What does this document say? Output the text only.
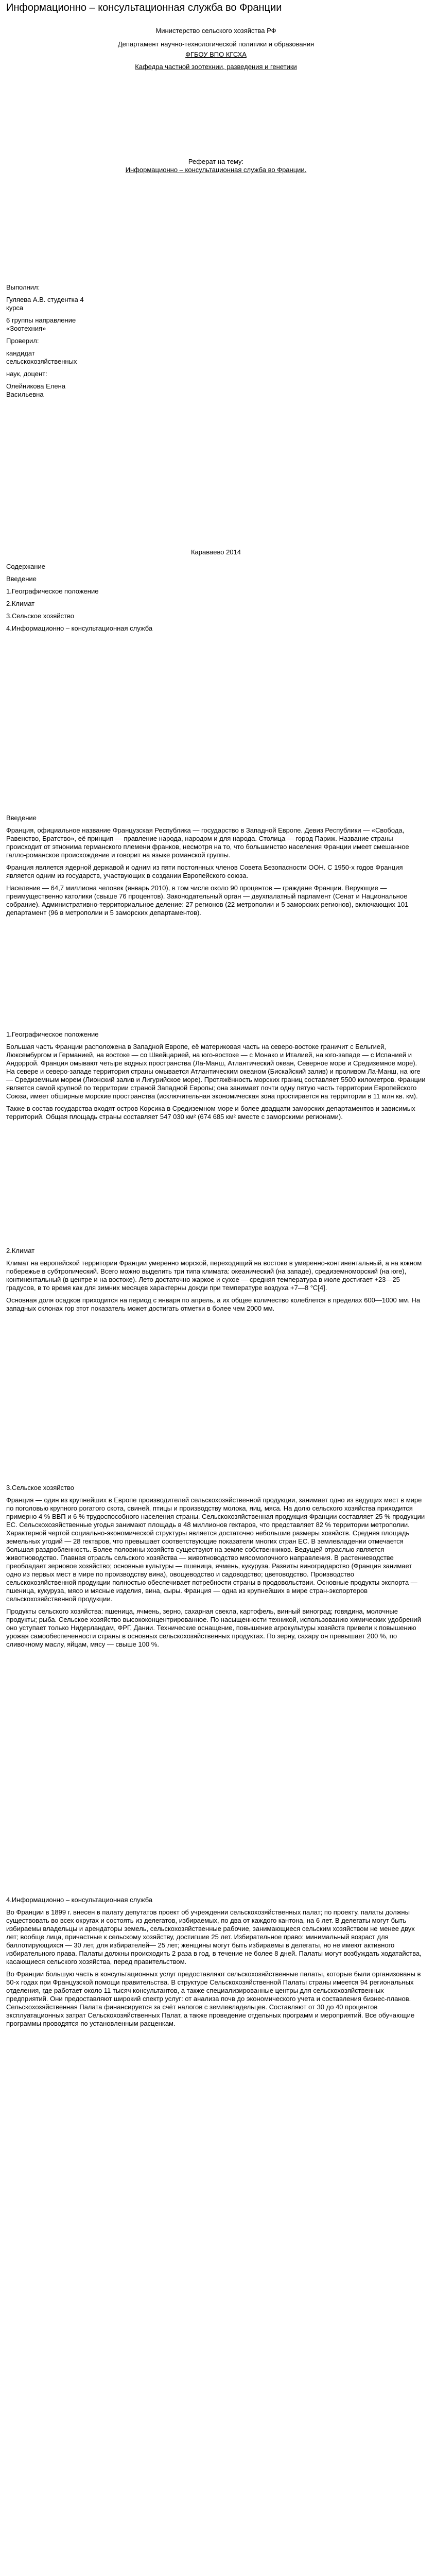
Информационно – консультационная служба во Франции

Министерство сельского хозяйства РФ

Департамент научно-технологической политики и образования

ФГБОУ ВПО КГСХА

Кафедра частной зоотехнии, разведения и генетики

Реферат на тему:

Информационно – консультационная служба во Франции.

Выполнил:

Гуляева А.В. студентка 4

курса

6 группы направление

«Зоотехния»

Проверил:

кандидат

сельскохозяйственных

наук, доцент:

Олейникова Елена

Васильевна

Караваево 2014

Содержание

Введение

1.Географическое положение

2.Климат

3.Сельское хозяйство

4.Информационно – консультационная служба

Введение

Франция, официальное название Французская Республика — государство в Западной Европе. Девиз Республики — «Свобода, Равенство, Братство», её принцип — правление народа, народом и для народа. Столица — город Париж. Название страны происходит от этнонима германского племени франков, несмотря на то, что большинство населения Франции имеет смешанное галло-романское происхождение и говорит на языке романской группы.

Франция является ядерной державой и одним из пяти постоянных членов Совета Безопасности ООН. С 1950-х годов Франция является одним из государств, участвующих в создании Европейского союза.

Население — 64,7 миллиона человек (январь 2010), в том числе около 90 процентов — граждане Франции. Верующие — преимущественно католики (свыше 76 процентов). Законодательный орган — двухпалатный парламент (Сенат и Национальное собрание). Административно-территориальное деление: 27 регионов (22 метрополии и 5 заморских регионов), включающих 101 департамент (96 в метрополии и 5 заморских департаментов).

1.Географическое положение

Большая часть Франции расположена в Западной Европе, её материковая часть на северо-востоке граничит с Бельгией, Люксембургом и Германией, на востоке — со Швейцарией, на юго-востоке — с Монако и Италией, на юго-западе — с Испанией и Андоррой. Франция омывают четыре водных пространства (Ла-Манш, Атлантический океан, Северное море и Средиземное море). На севере и северо-западе территория страны омывается Атлантическим океаном (Бискайский залив) и проливом Ла-Манш, на юге — Средиземным морем (Лионский залив и Лигурийское море). Протяжённость морских границ составляет 5500 километров. Франции является самой крупной по территории страной Западной Европы; она занимает почти одну пятую часть территории Европейского Союза, имеет обширные морские пространства (исключительная экономическая зона простирается на территории в 11 млн кв. км).

Также в состав государства входят остров Корсика в Средиземном море и более двадцати заморских департаментов и зависимых территорий. Общая площадь страны составляет 547 030 км² (674 685 км² вместе с заморскими регионами).

2.Климат

Климат на европейской территории Франции умеренно морской, переходящий на востоке в умеренно-континентальный, а на южном побережье в субтропический. Всего можно выделить три типа климата: океанический (на западе), средиземноморский (на юге), континентальный (в центре и на востоке). Лето достаточно жаркое и сухое — средняя температура в июле достигает +23—25 градусов, в то время как для зимних месяцев характерны дожди при температуре воздуха +7—8 °C[4].

Основная доля осадков приходится на период с января по апрель, а их общее количество колеблется в пределах 600—1000 мм. На западных склонах гор этот показатель может достигать отметки в более чем 2000 мм.

3.Сельское хозяйство

Франция — один из крупнейших в Европе производителей сельскохозяйственной продукции, занимает одно из ведущих мест в мире по поголовью крупного рогатого скота, свиней, птицы и производству молока, яиц, мяса. На долю сельского хозяйства приходится примерно 4 % ВВП и 6 % трудоспособного населения страны. Сельскохозяйственная продукция Франции составляет 25 % продукции ЕС. Сельскохозяйственные угодья занимают площадь в 48 миллионов гектаров, что представляет 82 % территории метрополии. Характерной чертой социально-экономической структуры является достаточно небольшие размеры хозяйств. Средняя площадь земельных угодий — 28 гектаров, что превышает соответствующие показатели многих стран ЕС. В землевладении отмечается большая раздробленность. Более половины хозяйств существуют на земле собственников. Ведущей отраслью является животноводство. Главная отрасль сельского хозяйства — животноводство мясомолочного направления. В растениеводстве преобладает зерновое хозяйство; основные культуры — пшеница, ячмень, кукуруза. Развиты виноградарство (Франция занимает одно из первых мест в мире по производству вина), овощеводство и садоводство; цветоводство. Производство сельскохозяйственной продукции полностью обеспечивает потребности страны в продовольствии. Основные продукты экспорта — пшеница, кукуруза, мясо и мясные изделия, вина, сыры. Франция — одна из крупнейших в мире стран-экспортеров сельскохозяйственной продукции.

Продукты сельского хозяйства: пшеница, ячмень, зерно, сахарная свекла, картофель, винный виноград; говядина, молочные продукты; рыба. Сельское хозяйство высококонцентрированное. По насыщенности техникой, использованию химических удобрений оно уступает только Нидерландам, ФРГ, Дании. Технические оснащение, повышение агрокультуры хозяйств привели к повышению урожая самообеспеченности страны в основных сельскохозяйственных продуктах. По зерну, сахару он превышает 200 %, по сливочному маслу, яйцам, мясу — свыше 100 %.

4.Информационно – консультационная служба

Во Франции в 1899 г. внесен в палату депутатов проект об учреждении сельскохозяйственных палат; по проекту, палаты должны существовать во всех округах и состоять из делегатов, избираемых, по два от каждого кантона, на 6 лет. В делегаты могут быть избираемы владельцы и арендаторы земель, сельскохозяйственные рабочие, занимающиеся сельским хозяйством не менее двух лет; вообще лица, причастные к сельскому хозяйству, достигшие 25 лет. Избирательное право: минимальный возраст для баллотирующихся — 30 лет, для избирателей— 25 лет; женщины могут быть избираемы в делегаты, но не имеют активного избирательного права. Палаты должны происходить 2 раза в год, в течение не более 8 дней. Палаты могут возбуждать ходатайства, касающиеся сельского хозяйства, перед правительством.

Во Франции большую часть в консультационных услуг предоставляют сельскохозяйственные палаты, которые были организованы в 50-х годах при Французской помощи правительства. В структуре Сельскохозяйственной Палаты страны имеется 94 региональных отделения, где работает около 11 тысяч консультантов, а также специализированные центры для сельскохозяйственных предприятий. Они предоставляют широкий спектр услуг: от анализа почв до экономического учета и составления бизнес-планов. Сельскохозяйственная Палата финансируется за счёт налогов с землевладельцев. Составляют от 30 до 40 процентов эксплуатационных затрат Сельскохозяйственных Палат, а также проведение отдельных программ и мероприятий. Все обучающие программы проводятся по установленным расценкам.
